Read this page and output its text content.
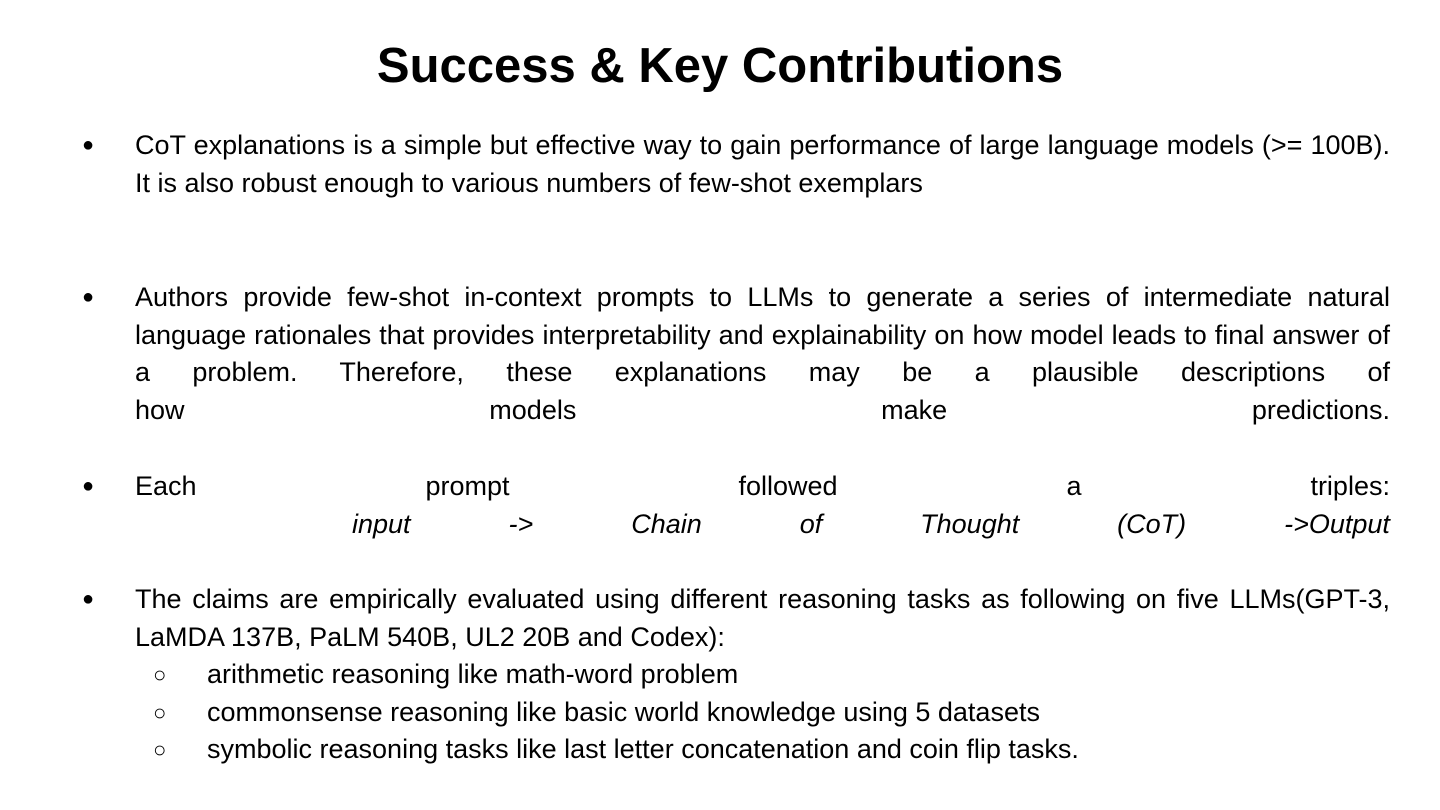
Success & Key Contributions
● CoT explanations is a simple but effective way to gain performance of large language models (>= 100B). It is also robust enough to various numbers of few-shot exemplars
● Authors provide few-shot in-context prompts to LLMs to generate a series of intermediate natural language rationales that provides interpretability and explainability on how model leads to final answer of a problem. Therefore, these explanations may be a plausible descriptions of
how	models	make	predictions.
● Each	prompt	followed	a	triples:
input	->	Chain	of	Thought	(CoT)	->Output
● The claims are empirically evaluated using different reasoning tasks as following on five LLMs(GPT-3, LaMDA 137B, PaLM 540B, UL2 20B and Codex):
○ arithmetic reasoning like math-word problem
○ commonsense reasoning like basic world knowledge using 5 datasets
○ symbolic reasoning tasks like last letter concatenation and coin flip tasks.
